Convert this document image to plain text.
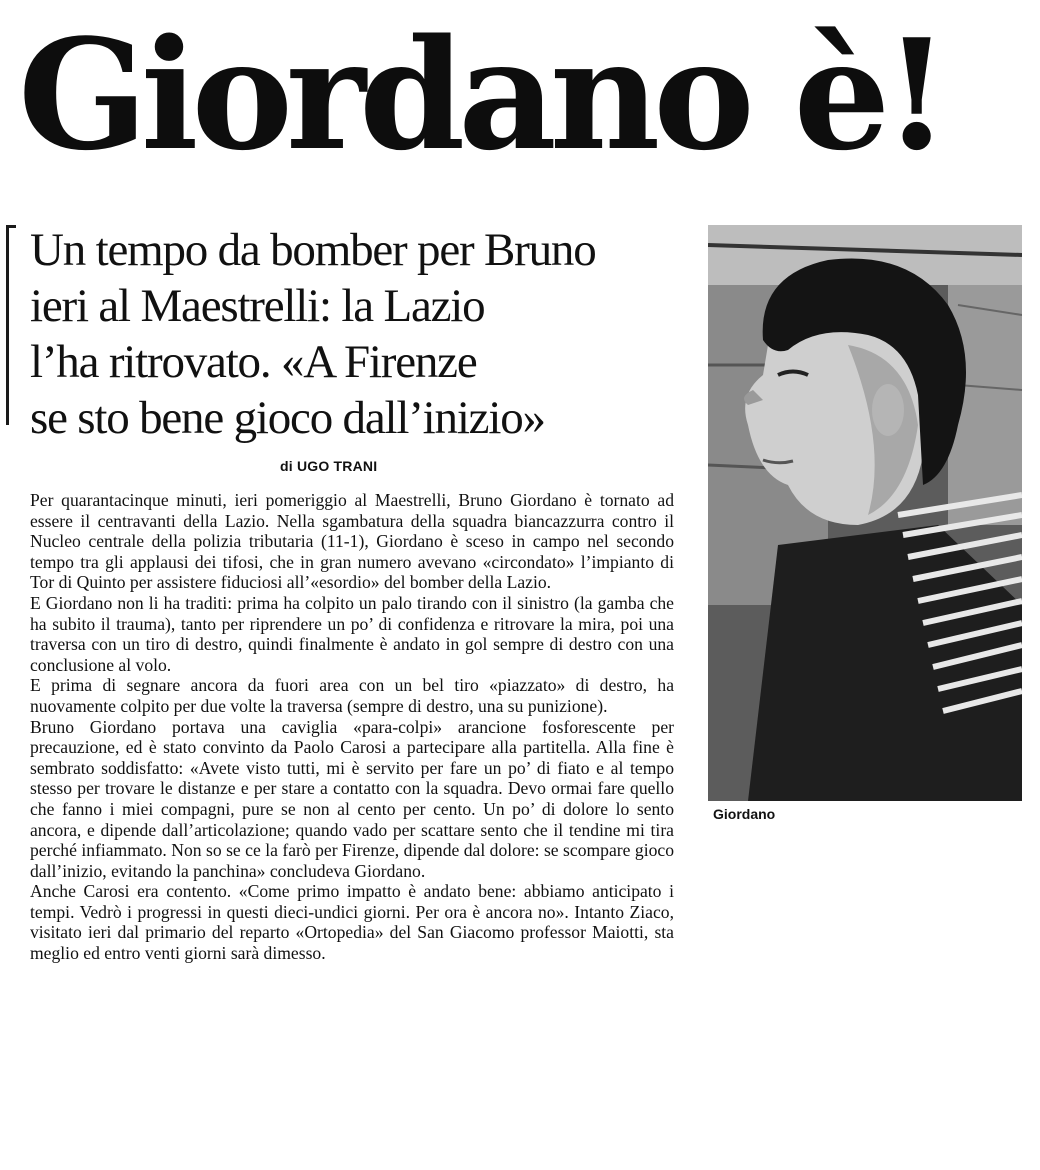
Giordano è!
Un tempo da bomber per Bruno
ieri al Maestrelli: la Lazio
l’ha ritrovato. «A Firenze
se sto bene gioco dall’inizio»
di UGO TRANI

Per quarantacinque minuti, ieri pomeriggio al Maestrelli, Bruno Giordano è tornato ad essere il centravanti della Lazio. Nella sgambatura della squadra biancazzurra contro il Nucleo centrale della polizia tributaria (11-1), Giordano è sceso in campo nel secondo tempo tra gli applausi dei tifosi, che in gran numero avevano «circondato» l’impianto di Tor di Quinto per assistere fiduciosi all’«esordio» del bomber della Lazio.

E Giordano non li ha traditi: prima ha colpito un palo tirando con il sinistro (la gamba che ha subito il trauma), tanto per riprendere un po’ di confidenza e ritrovare la mira, poi una traversa con un tiro di destro, quindi finalmente è andato in gol sempre di destro con una conclusione al volo.

E prima di segnare ancora da fuori area con un bel tiro «piazzato» di destro, ha nuovamente colpito per due volte la traversa (sempre di destro, una su punizione).

Bruno Giordano portava una caviglia «para-colpi» arancione fosforescente per precauzione, ed è stato convinto da Paolo Carosi a partecipare alla partitella. Alla fine è sembrato soddisfatto: «Avete visto tutti, mi è servito per fare un po’ di fiato e al tempo stesso per trovare le distanze e per stare a contatto con la squadra. Devo ormai fare quello che fanno i miei compagni, pure se non al cento per cento. Un po’ di dolore lo sento ancora, e dipende dall’articolazione; quando vado per scattare sento che il tendine mi tira perché infiammato. Non so se ce la farò per Firenze, dipende dal dolore: se scompare gioco dall’inizio, evitando la panchina» concludeva Giordano.

Anche Carosi era contento. «Come primo impatto è andato bene: abbiamo anticipato i tempi. Vedrò i progressi in questi dieci-undici giorni. Per ora è ancora no». Intanto Ziaco, visitato ieri dal primario del reparto «Ortopedia» del San Giacomo professor Maiotti, sta meglio ed entro venti giorni sarà dimesso.

Giordano
